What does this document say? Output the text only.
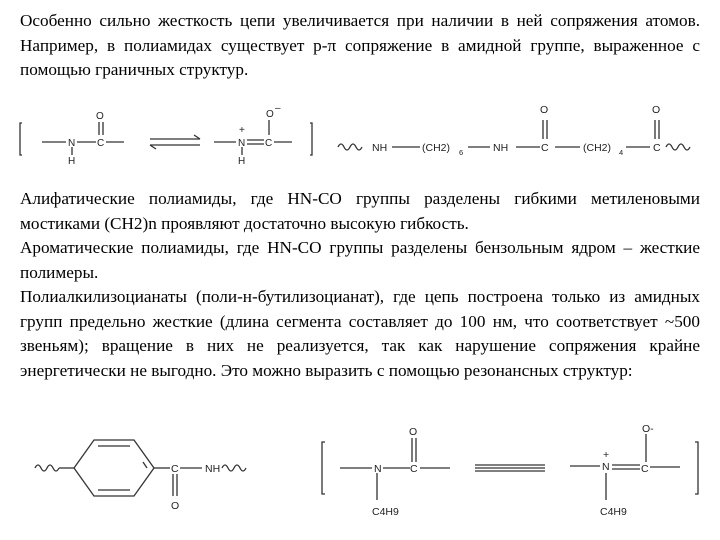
Особенно сильно жесткость цепи увеличивается при наличии в ней сопряжения атомов. Например, в полиамидах существует р-π сопряжение в амидной группе, выраженное с помощью граничных структур.
N
H
C
O
N
+
H
C
O
–
NH	(CH2) 6	NH	C
O
(CH2) 4	C
O
Алифатические полиамиды, где HN-CO группы разделены гибкими метиленовыми мостиками (CH2)n проявляют достаточно высокую гибкость.
Ароматические полиамиды, где HN-CO группы разделены бензольным ядром – жесткие полимеры.
Полиалкилизоцианаты (поли-н-бутилизоцианат), где цепь построена только из амидных групп предельно жесткие (длина сегмента составляет до 100 нм, что соответствует ~500 звеньям); вращение в них не реализуется, так как нарушение сопряжения крайне энергетически не выгодно. Это можно выразить с помощью резонансных структур:
C	NH
O
N	C
O
C4H9
N
+
C
O-
C4H9
